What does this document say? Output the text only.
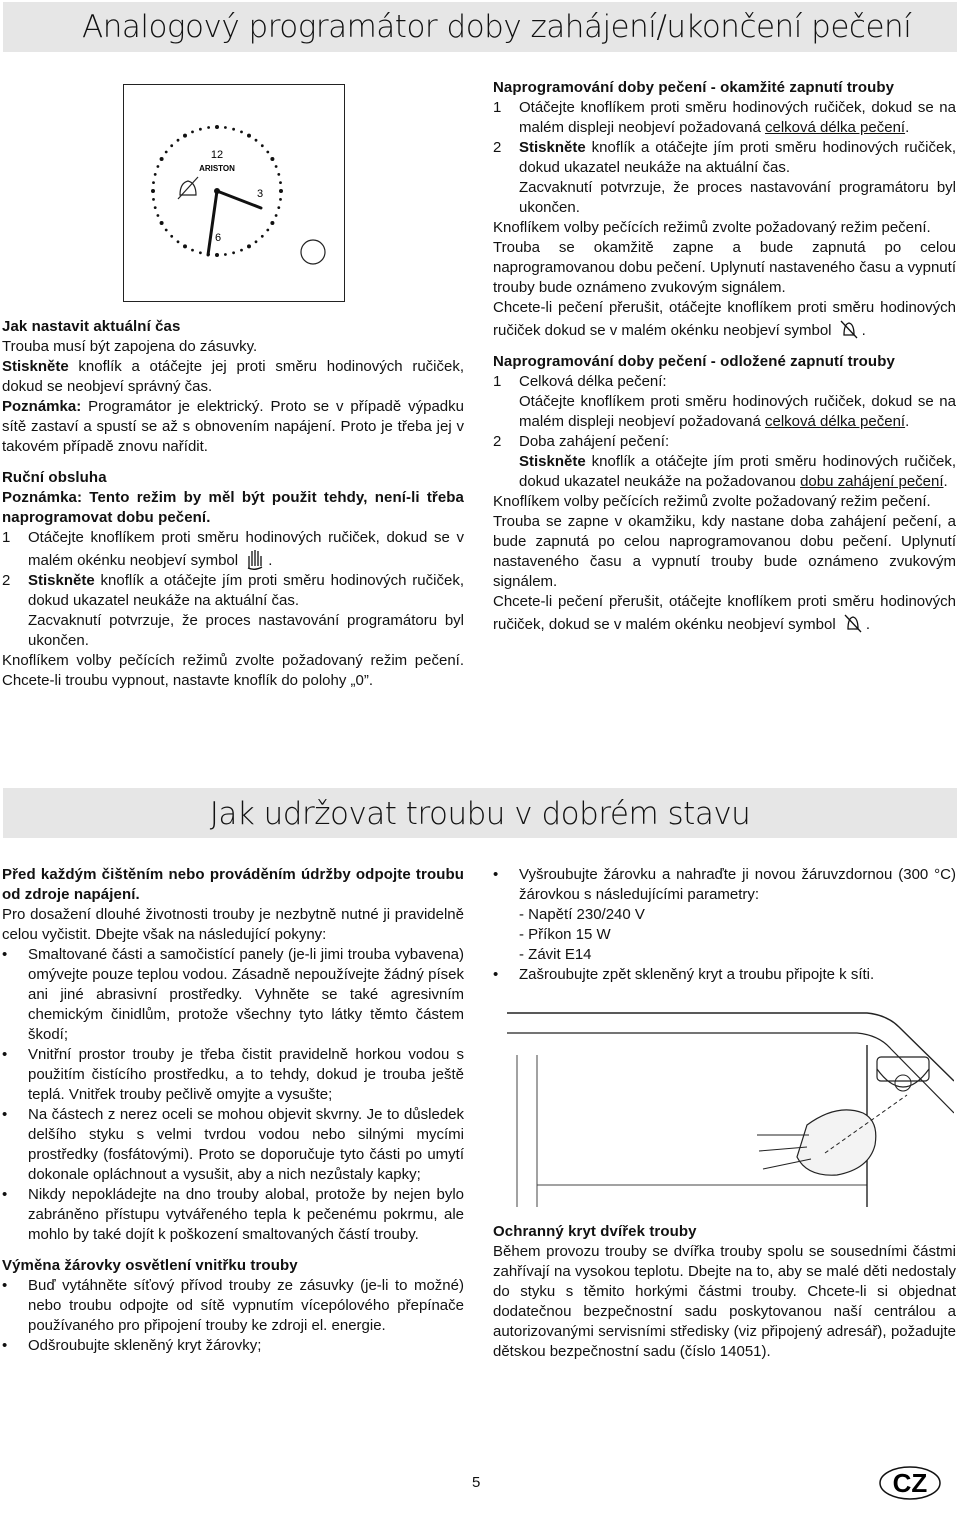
Analogový programátor doby zahájení/ukončení pečení
12
3
6
ARISTON

Jak nastavit aktuální čas

Trouba musí být zapojena do zásuvky.

Stiskněte knoflík a otáčejte jej proti směru hodinových ručiček, dokud se neobjeví správný čas.

Poznámka: Programátor je elektrický. Proto se v případě výpadku sítě zastaví a spustí se až s obnovením napájení. Proto je třeba jej v takovém případě znovu nařídit.

Ruční obsluha

Poznámka: Tento režim by měl být použit tehdy, není-li třeba naprogramovat dobu pečení.

1	Otáčejte knoflíkem proti směru hodinových ručiček, dokud se v malém okénku neobjeví symbol .
2	Stiskněte knoflík a otáčejte jím proti směru hodinových ručiček, dokud ukazatel neukáže na aktuální čas.

Zacvaknutí potvrzuje, že proces nastavování programátoru byl ukončen.

Knoflíkem volby pečících režimů zvolte požadovaný režim pečení. Chcete-li troubu vypnout, nastavte knoflík do polohy „0”.

Naprogramování doby pečení - okamžité zapnutí trouby

1	Otáčejte knoflíkem proti směru hodinových ručiček, dokud se na malém displeji neobjeví požadovaná celková délka pečení.
2	Stiskněte knoflík a otáčejte jím proti směru hodinových ručiček, dokud ukazatel neukáže na aktuální čas.

Zacvaknutí potvrzuje, že proces nastavování programátoru byl ukončen.

Knoflíkem volby pečících režimů zvolte požadovaný režim pečení.

Trouba se okamžitě zapne a bude zapnutá po celou naprogramovanou dobu pečení. Uplynutí nastaveného času a vypnutí trouby bude oznámeno zvukovým signálem.

Chcete-li pečení přerušit, otáčejte knoflíkem proti směru hodinových ručiček dokud se v malém okénku neobjeví symbol .

Naprogramování doby pečení - odložené zapnutí trouby

1	Celková délka pečení:

Otáčejte knoflíkem proti směru hodinových ručiček, dokud se na malém displeji neobjeví požadovaná celková délka pečení.

2	Doba zahájení pečení:

Stiskněte knoflík a otáčejte jím proti směru hodinových ručiček, dokud ukazatel neukáže na požadovanou dobu zahájení pečení.

Knoflíkem volby pečících režimů zvolte požadovaný režim pečení.

Trouba se zapne v okamžiku, kdy nastane doba zahájení pečení, a bude zapnutá po celou naprogramovanou dobu pečení. Uplynutí nastaveného času a vypnutí trouby bude oznámeno zvukovým signálem.

Chcete-li pečení přerušit, otáčejte knoflíkem proti směru hodinových ručiček, dokud se v malém okénku neobjeví symbol .

Jak udržovat troubu v dobrém stavu

Před každým čištěním nebo prováděním údržby odpojte troubu od zdroje napájení.

Pro dosažení dlouhé životnosti trouby je nezbytně nutné ji pravidelně celou vyčistit. Dbejte však na následující pokyny:

•	Smaltované části a samočistící panely (je-li jimi trouba vybavena) omývejte pouze teplou vodou. Zásadně nepoužívejte žádný písek ani jiné abrasivní prostředky. Vyhněte se také agresivním chemickým činidlům, protože všechny tyto látky těmto částem škodí;
•	Vnitřní prostor trouby je třeba čistit pravidelně horkou vodou s použitím čistícího prostředku, a to tehdy, dokud je trouba ještě teplá. Vnitřek trouby pečlivě omyjte a vysušte;
•	Na částech z nerez oceli se mohou objevit skvrny. Je to důsledek delšího styku s velmi tvrdou vodou nebo silnými mycími prostředky (fosfátovými). Proto se doporučuje tyto části po umytí dokonale opláchnout a vysušit, aby a nich nezůstaly kapky;
•	Nikdy nepokládejte na dno trouby alobal, protože by nejen bylo zabráněno přístupu vytvářeného tepla k pečenému pokrmu, ale mohlo by také dojít k poškození smaltovaných částí trouby.

Výměna žárovky osvětlení vnitřku trouby

•	Buď vytáhněte síťový přívod trouby ze zásuvky (je-li to možné) nebo troubu odpojte od sítě vypnutím vícepólového přepínače používaného pro připojení trouby ke zdroji el. energie.
•	Odšroubujte skleněný kryt žárovky;
•	Vyšroubujte žárovku a nahraďte ji novou žáruvzdornou (300 °C) žárovkou s následujícími parametry:

- Napětí 230/240 V

- Příkon 15 W

- Závit E14

•	Zašroubujte zpět skleněný kryt a troubu připojte k síti.

Ochranný kryt dvířek trouby

Během provozu trouby se dvířka trouby spolu se sousedními částmi zahřívají na vysokou teplotu. Dbejte na to, aby se malé děti nedostaly do styku s těmito horkými částmi trouby. Chcete-li si objednat dodatečnou bezpečnostní sadu poskytovanou naší centrálou a autorizovanými servisními středisky (viz připojený adresář), požadujte dětskou bezpečnostní sadu (číslo 14051).

5	CZ
